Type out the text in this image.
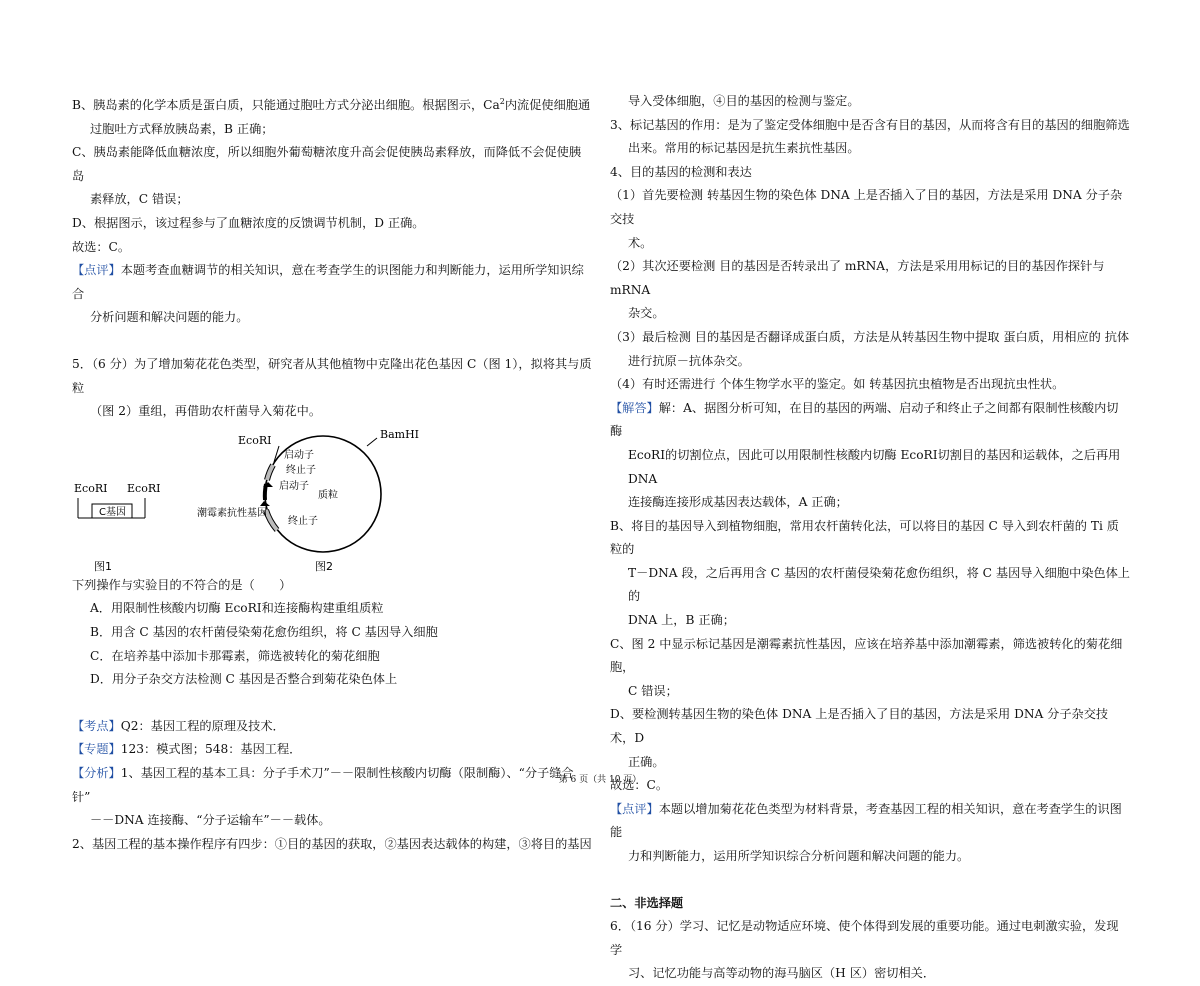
B、胰岛素的化学本质是蛋白质，只能通过胞吐方式分泌出细胞。根据图示，Ca$^2$内流促使细胞通

过胞吐方式释放胰岛素，B 正确；

C、胰岛素能降低血糖浓度，所以细胞外葡萄糖浓度升高会促使胰岛素释放，而降低不会促使胰岛

素释放，C 错误；

D、根据图示，该过程参与了血糖浓度的反馈调节机制，D 正确。

故选：C。

【点评】本题考查血糖调节的相关知识，意在考查学生的识图能力和判断能力，运用所学知识综合

分析问题和解决问题的能力。

5．（6 分）为了增加菊花花色类型，研究者从其他植物中克隆出花色基因 C（图 1），拟将其与质粒

（图 2）重组，再借助农杆菌导入菊花中。

EcoRⅠ EcoRⅠ
C基因
图1
EcoRⅠ	BamHⅠ
启动子
终止子
启动子
质粒
潮霉素抗性基因
终止子
图2

下列操作与实验目的不符合的是（　　）

A．用限制性核酸内切酶 EcoRⅠ和连接酶构建重组质粒

B．用含 C 基因的农杆菌侵染菊花愈伤组织，将 C 基因导入细胞

C．在培养基中添加卡那霉素，筛选被转化的菊花细胞

D．用分子杂交方法检测 C 基因是否整合到菊花染色体上

【考点】Q2：基因工程的原理及技术．

【专题】123：模式图；548：基因工程．

【分析】1、基因工程的基本工具：分子手术刀”－－限制性核酸内切酶（限制酶）、“分子缝合针”

－－DNA 连接酶、“分子运输车”－－载体。

2、基因工程的基本操作程序有四步：①目的基因的获取，②基因表达载体的构建，③将目的基因

导入受体细胞，④目的基因的检测与鉴定。

3、标记基因的作用：是为了鉴定受体细胞中是否含有目的基因，从而将含有目的基因的细胞筛选

出来。常用的标记基因是抗生素抗性基因。

4、目的基因的检测和表达

（1）首先要检测 转基因生物的染色体 DNA 上是否插入了目的基因，方法是采用 DNA 分子杂交技

术。

（2）其次还要检测 目的基因是否转录出了 mRNA，方法是采用用标记的目的基因作探针与 mRNA

杂交。

（3）最后检测 目的基因是否翻译成蛋白质，方法是从转基因生物中提取 蛋白质，用相应的 抗体

进行抗原－抗体杂交。

（4）有时还需进行 个体生物学水平的鉴定。如 转基因抗虫植物是否出现抗虫性状。

【解答】解：A、据图分析可知，在目的基因的两端、启动子和终止子之间都有限制性核酸内切酶

EcoRⅠ的切割位点，因此可以用限制性核酸内切酶 EcoRⅠ切割目的基因和运载体，之后再用 DNA

连接酶连接形成基因表达载体，A 正确；

B、将目的基因导入到植物细胞，常用农杆菌转化法，可以将目的基因 C 导入到农杆菌的 Ti 质粒的

T－DNA 段，之后再用含 C 基因的农杆菌侵染菊花愈伤组织，将 C 基因导入细胞中染色体上的

DNA 上，B 正确；

C、图 2 中显示标记基因是潮霉素抗性基因，应该在培养基中添加潮霉素，筛选被转化的菊花细胞，

C 错误；

D、要检测转基因生物的染色体 DNA 上是否插入了目的基因，方法是采用 DNA 分子杂交技术，D

正确。

故选：C。

【点评】本题以增加菊花花色类型为材料背景，考查基因工程的相关知识，意在考查学生的识图能

力和判断能力，运用所学知识综合分析问题和解决问题的能力。

二、非选择题

6．（16 分）学习、记忆是动物适应环境、使个体得到发展的重要功能。通过电刺激实验，发现学

习、记忆功能与高等动物的海马脑区（H 区）密切相关．

第 6 页（共 10 页）
